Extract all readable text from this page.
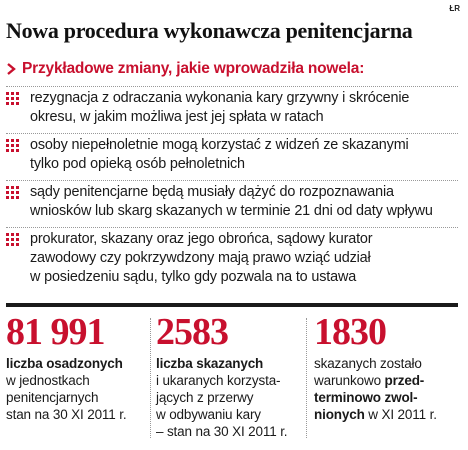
ŁR
Nowa procedura wykonawcza penitencjarna
Przykładowe zmiany, jakie wprowadziła nowela:
rezygnacja z odraczania wykonania kary grzywny i skrócenie
okresu, w jakim możliwa jest jej spłata w ratach
osoby niepełnoletnie mogą korzystać z widzeń ze skazanymi
tylko pod opieką osób pełnoletnich
sądy penitencjarne będą musiały dążyć do rozpoznawania
wniosków lub skarg skazanych w terminie 21 dni od daty wpływu
prokurator, skazany oraz jego obrońca, sądowy kurator
zawodowy czy pokrzywdzony mają prawo wziąć udział
w posiedzeniu sądu, tylko gdy pozwala na to ustawa
81 991
liczba osadzonych
w jednostkach
penitencjarnych
stan na 30 XI 2011 r.
2583
liczba skazanych
i ukaranych korzysta-
jących z przerwy
w odbywaniu kary
– stan na 30 XI 2011 r.
1830
skazanych zostało
warunkowo przed-
terminowo zwol-
nionych w XI 2011 r.
